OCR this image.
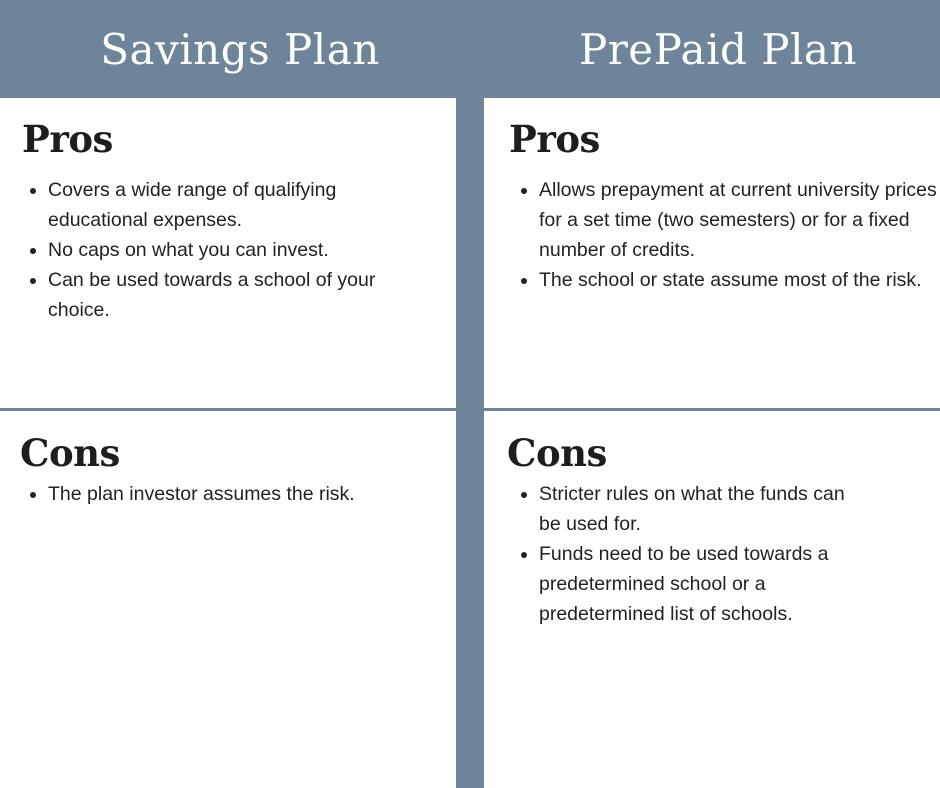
Savings Plan	PrePaid Plan
Pros
• Covers a wide range of qualifying educational expenses.
• No caps on what you can invest.
• Can be used towards a school of your choice.
Cons
• The plan investor assumes the risk.
Pros
• Allows prepayment at current university prices for a set time (two semesters) or for a fixed number of credits.
• The school or state assume most of the risk.
Cons
• Stricter rules on what the funds can be used for.
• Funds need to be used towards a predetermined school or a predetermined list of schools.
